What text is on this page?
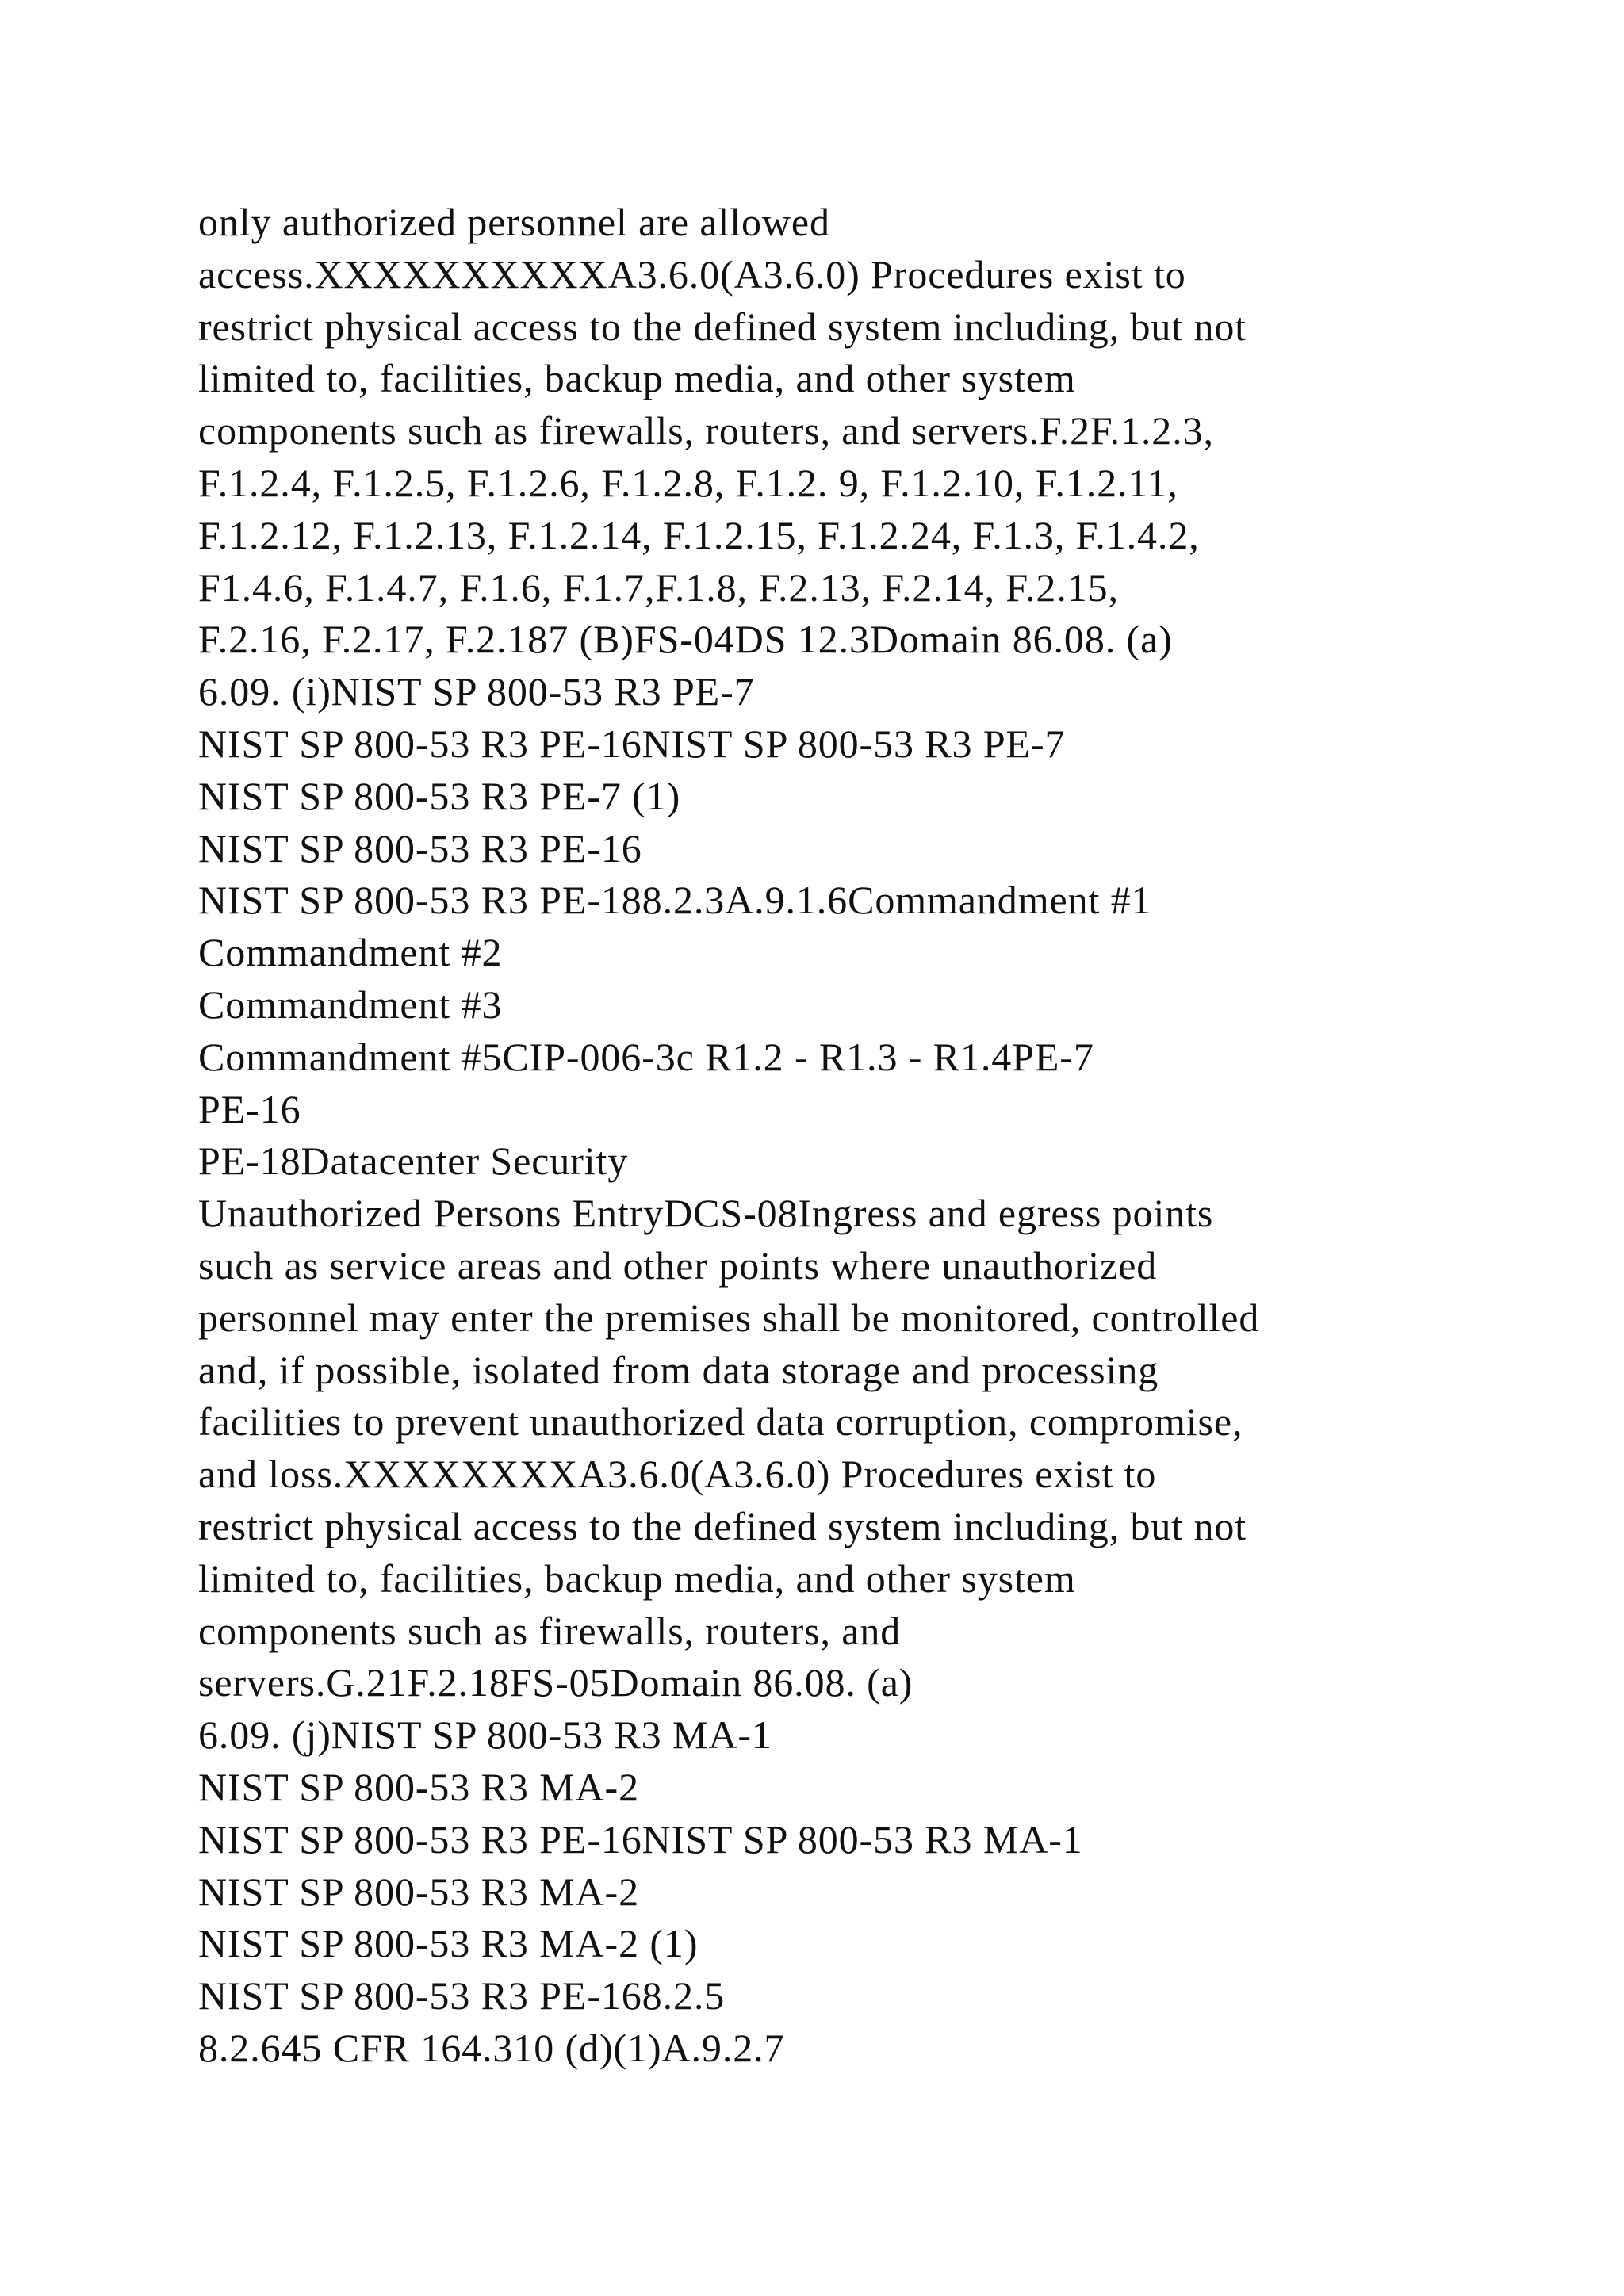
only authorized personnel are allowed
access.XXXXXXXXXXA3.6.0(A3.6.0) Procedures exist to
restrict physical access to the defined system including, but not
limited to, facilities, backup media, and other system
components such as firewalls, routers, and servers.F.2F.1.2.3,
F.1.2.4, F.1.2.5, F.1.2.6, F.1.2.8, F.1.2. 9, F.1.2.10, F.1.2.11,
F.1.2.12, F.1.2.13, F.1.2.14, F.1.2.15, F.1.2.24, F.1.3, F.1.4.2,
F1.4.6, F.1.4.7, F.1.6, F.1.7,F.1.8, F.2.13, F.2.14, F.2.15,
F.2.16, F.2.17, F.2.187 (B)FS-04DS 12.3Domain 86.08. (a)
6.09. (i)NIST SP 800-53 R3 PE-7
NIST SP 800-53 R3 PE-16NIST SP 800-53 R3 PE-7
NIST SP 800-53 R3 PE-7 (1)
NIST SP 800-53 R3 PE-16
NIST SP 800-53 R3 PE-188.2.3A.9.1.6Commandment #1
Commandment #2
Commandment #3
Commandment #5CIP-006-3c R1.2 - R1.3 - R1.4PE-7
PE-16
PE-18Datacenter Security
Unauthorized Persons EntryDCS-08Ingress and egress points
such as service areas and other points where unauthorized
personnel may enter the premises shall be monitored, controlled
and, if possible, isolated from data storage and processing
facilities to prevent unauthorized data corruption, compromise,
and loss.XXXXXXXXA3.6.0(A3.6.0) Procedures exist to
restrict physical access to the defined system including, but not
limited to, facilities, backup media, and other system
components such as firewalls, routers, and
servers.G.21F.2.18FS-05Domain 86.08. (a)
6.09. (j)NIST SP 800-53 R3 MA-1
NIST SP 800-53 R3 MA-2
NIST SP 800-53 R3 PE-16NIST SP 800-53 R3 MA-1
NIST SP 800-53 R3 MA-2
NIST SP 800-53 R3 MA-2 (1)
NIST SP 800-53 R3 PE-168.2.5
8.2.645 CFR 164.310 (d)(1)A.9.2.7
